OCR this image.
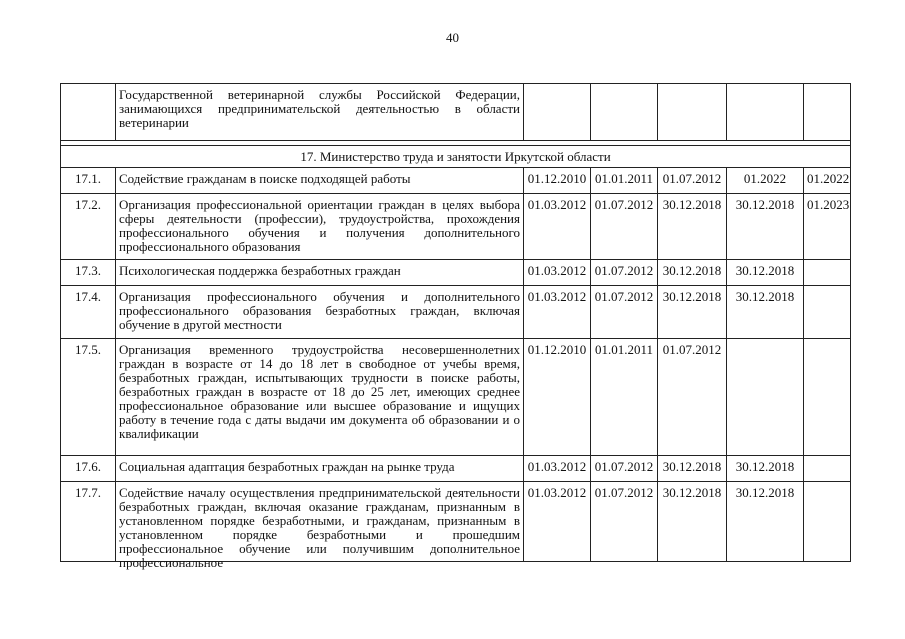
40
	Государственной ветеринарной службы Российской Федерации, занимающихся предпринимательской деятельностью в области ветеринарии					

17. Министерство труда и занятости Иркутской области						
17.1.	Содействие гражданам в поиске подходящей работы	01.12.2010	01.01.2011	01.07.2012	01.2022	01.2022
17.2.	Организация профессиональной ориентации граждан в целях выбора сферы деятельности (профессии), трудоустройства, прохождения профессионального обучения и получения дополнительного профессионального образования	01.03.2012	01.07.2012	30.12.2018	30.12.2018	01.2023
17.3.	Психологическая поддержка безработных граждан	01.03.2012	01.07.2012	30.12.2018	30.12.2018	
17.4.	Организация профессионального обучения и дополнительного профессионального образования безработных граждан, включая обучение в другой местности	01.03.2012	01.07.2012	30.12.2018	30.12.2018	
17.5.	Организация временного трудоустройства несовершеннолетних граждан в возрасте от 14 до 18 лет в свободное от учебы время, безработных граждан, испытывающих трудности в поиске работы, безработных граждан в возрасте от 18 до 25 лет, имеющих среднее профессиональное образование или высшее образование и ищущих работу в течение года с даты выдачи им документа об образовании и о квалификации	01.12.2010	01.01.2011	01.07.2012		
17.6.	Социальная адаптация безработных граждан на рынке труда	01.03.2012	01.07.2012	30.12.2018	30.12.2018	
17.7.	Содействие началу осуществления предпринимательской деятельности безработных граждан, включая оказание гражданам, признанным в установленном порядке безработными, и гражданам, признанным в установленном порядке безработными и прошедшим профессиональное обучение или получившим дополнительное профессиональное	01.03.2012	01.07.2012	30.12.2018	30.12.2018	
